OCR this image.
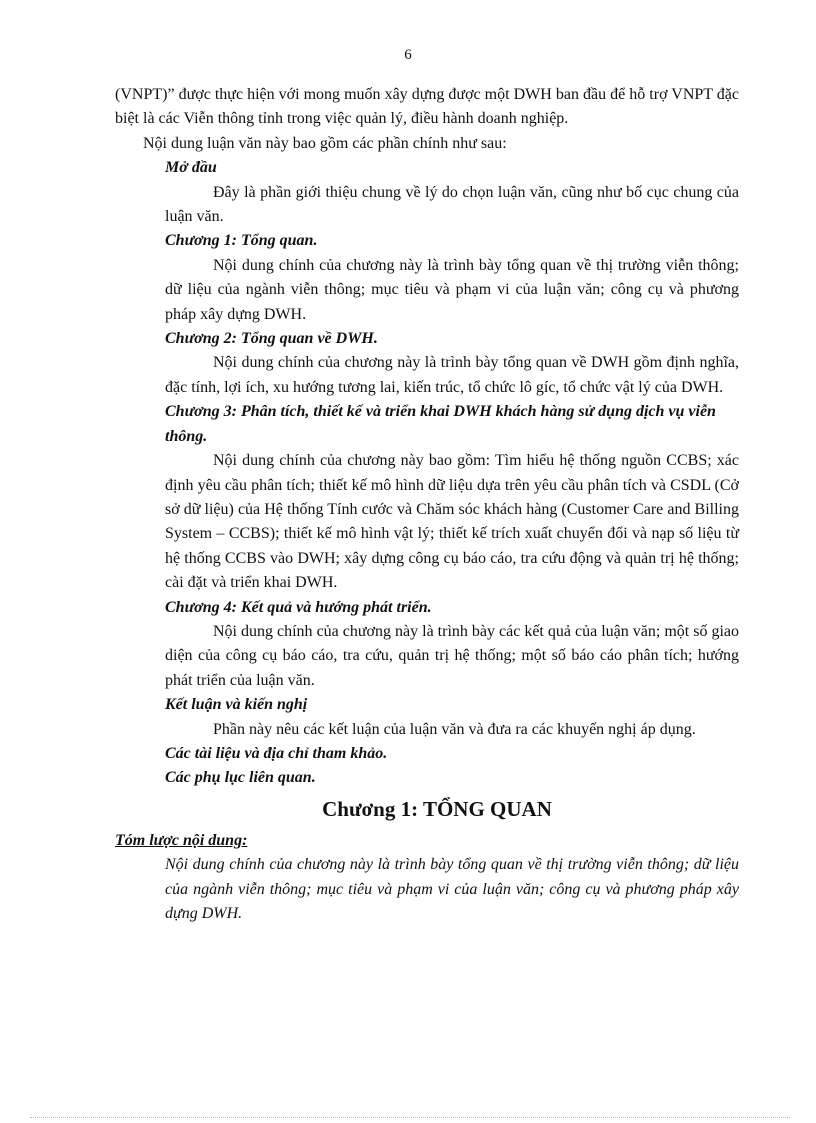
6

(VNPT)” được thực hiện với mong muốn xây dựng được một DWH ban đầu để hỗ trợ VNPT đặc biệt là các Viễn thông tỉnh trong việc quản lý, điều hành doanh nghiệp.

Nội dung luận văn này bao gồm các phần chính như sau:

Mở đầu

Đây là phần giới thiệu chung về lý do chọn luận văn, cũng như bố cục chung của luận văn.

Chương 1: Tổng quan.

Nội dung chính của chương này là trình bày tổng quan về thị trường viễn thông; dữ liệu của ngành viễn thông; mục tiêu và phạm vi của luận văn; công cụ và phương pháp xây dựng DWH.

Chương 2: Tổng quan về DWH.

Nội dung chính của chương này là trình bày tổng quan về DWH gồm định nghĩa, đặc tính, lợi ích, xu hướng tương lai, kiến trúc, tổ chức lô gíc, tổ chức vật lý của DWH.

Chương 3: Phân tích, thiết kế và triển khai DWH khách hàng sử dụng dịch vụ viễn thông.

Nội dung chính của chương này bao gồm: Tìm hiểu hệ thống nguồn CCBS; xác định yêu cầu phân tích; thiết kế mô hình dữ liệu dựa trên yêu cầu phân tích và CSDL (Cở sở dữ liệu) của Hệ thống Tính cước và Chăm sóc khách hàng (Customer Care and Billing System – CCBS); thiết kế mô hình vật lý; thiết kế trích xuất chuyển đổi và nạp số liệu từ hệ thống CCBS vào DWH; xây dựng công cụ báo cáo, tra cứu động và quản trị hệ thống; cài đặt và triển khai DWH.

Chương 4: Kết quả và hướng phát triển.

Nội dung chính của chương này là trình bày các kết quả của luận văn; một số giao diện của công cụ báo cáo, tra cứu, quản trị hệ thống; một số báo cáo phân tích; hướng phát triển của luận văn.

Kết luận và kiến nghị

Phần này nêu các kết luận của luận văn và đưa ra các khuyến nghị áp dụng.

Các tài liệu và địa chỉ tham khảo.

Các phụ lục liên quan.

Chương 1: TỔNG QUAN

Tóm lược nội dung:

Nội dung chính của chương này là trình bày tổng quan về thị trường viễn thông; dữ liệu của ngành viễn thông; mục tiêu và phạm vi của luận văn; công cụ và phương pháp xây dựng DWH.
